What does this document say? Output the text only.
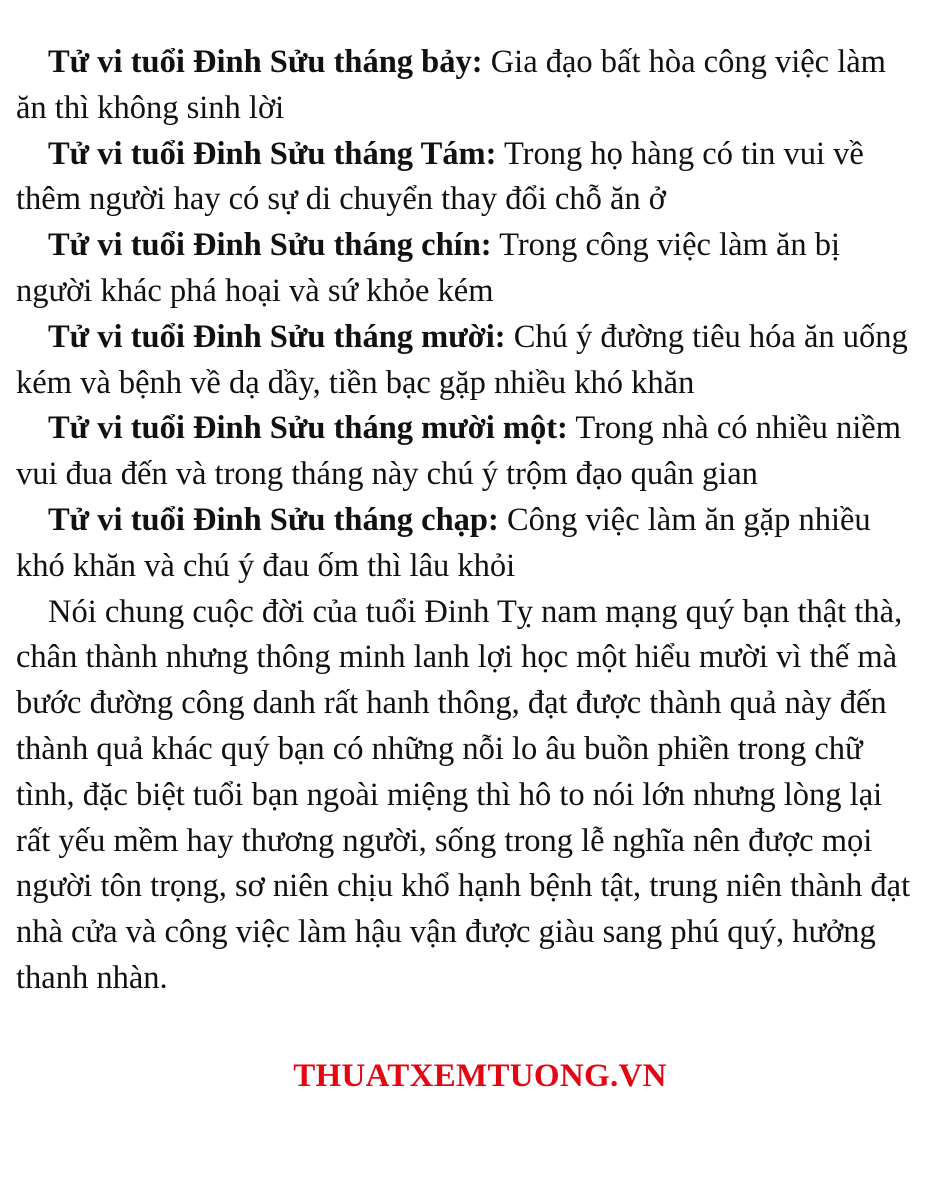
Tử vi tuổi Đinh Sửu tháng bảy: Gia đạo bất hòa công việc làm ăn thì không sinh lời

Tử vi tuổi Đinh Sửu tháng Tám: Trong họ hàng có tin vui về thêm người hay có sự di chuyển thay đổi chỗ ăn ở

Tử vi tuổi Đinh Sửu tháng chín: Trong công việc làm ăn bị người khác phá hoại và sứ khỏe kém

Tử vi tuổi Đinh Sửu tháng mười: Chú ý đường tiêu hóa ăn uống kém và bệnh về dạ dầy, tiền bạc gặp nhiều khó khăn

Tử vi tuổi Đinh Sửu tháng mười một: Trong nhà có nhiều niềm vui đua đến và trong tháng này chú ý trộm đạo quân gian

Tử vi tuổi Đinh Sửu tháng chạp: Công việc làm ăn gặp nhiều khó khăn và chú ý đau ốm thì lâu khỏi

Nói chung cuộc đời của tuổi Đinh Tỵ nam mạng quý bạn thật thà, chân thành nhưng thông minh lanh lợi học một hiểu mười vì thế mà bước đường công danh rất hanh thông, đạt được thành quả này đến thành quả khác quý bạn có những nỗi lo âu buồn phiền trong chữ tình, đặc biệt tuổi bạn ngoài miệng thì hô to nói lớn nhưng lòng lại rất yếu mềm hay thương người, sống trong lễ nghĩa nên được mọi người tôn trọng, sơ niên chịu khổ hạnh bệnh tật, trung niên thành đạt nhà cửa và công việc làm hậu vận được giàu sang phú quý, hưởng thanh nhàn.

THUATXEMTUONG.VN
